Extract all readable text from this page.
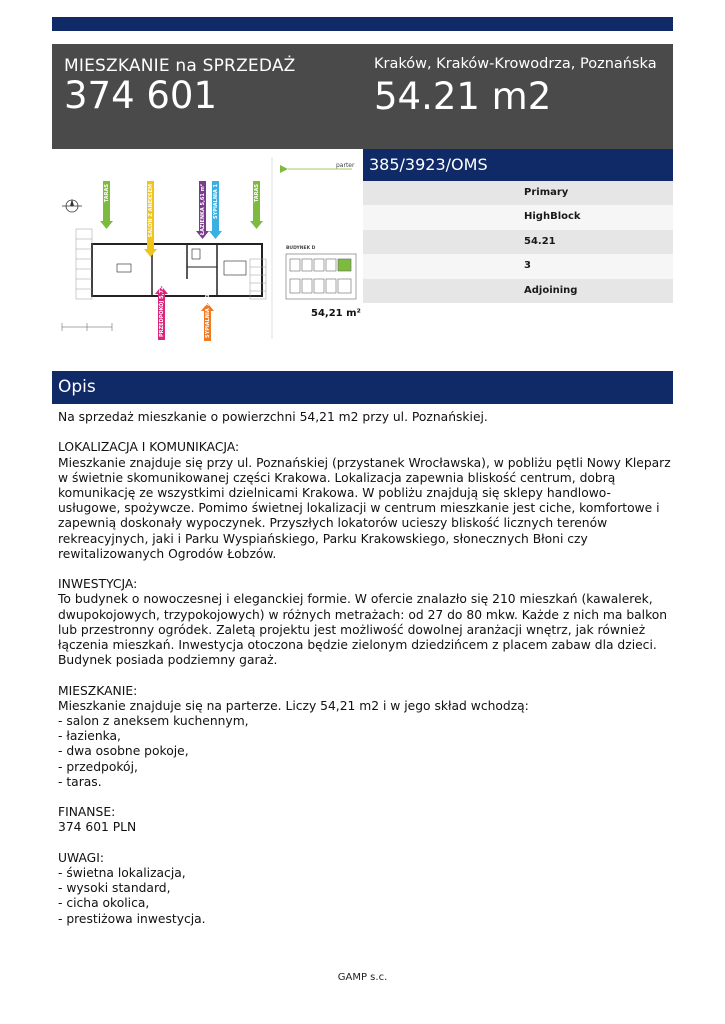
MIESZKANIE na SPRZEDAŻ
374 601
Kraków, Kraków-Krowodrza, Poznańska
54.21 m2
TARAS	SALON Z ANEKSEM	ŁAZIENKA 5,61 m² SYPIALNIA 1	TARAS
PRZEDPOKÓJ 5,72 m²	SYPIALNIA 7,71 m²
parter
BUDYNEK D
54,21 m²
385/3923/OMS
Primary
HighBlock
54.21
3
Adjoining
Opis

Na sprzedaż mieszkanie o powierzchni 54,21 m2 przy ul. Poznańskiej.

LOKALIZACJA I KOMUNIKACJA:

Mieszkanie znajduje się przy ul. Poznańskiej (przystanek Wrocławska), w pobliżu pętli Nowy Kleparz w świetnie skomunikowanej części Krakowa. Lokalizacja zapewnia bliskość centrum, dobrą komunikację ze wszystkimi dzielnicami Krakowa. W pobliżu znajdują się sklepy handlowo-usługowe, spożywcze. Pomimo świetnej lokalizacji w centrum mieszkanie jest ciche, komfortowe i zapewnią doskonały wypoczynek. Przyszłych lokatorów ucieszy bliskość licznych terenów rekreacyjnych, jaki i Parku Wyspiańskiego, Parku Krakowskiego, słonecznych Błoni czy rewitalizowanych Ogrodów Łobzów.

INWESTYCJA:

To budynek o nowoczesnej i eleganckiej formie. W ofercie znalazło się 210 mieszkań (kawalerek, dwupokojowych, trzypokojowych) w różnych metrażach: od 27 do 80 mkw. Każde z nich ma balkon lub przestronny ogródek. Zaletą projektu jest możliwość dowolnej aranżacji wnętrz, jak również łączenia mieszkań. Inwestycja otoczona będzie zielonym dziedzińcem z placem zabaw dla dzieci. Budynek posiada podziemny garaż.

MIESZKANIE:

Mieszkanie znajduje się na parterze. Liczy 54,21 m2 i w jego skład wchodzą:

- salon z aneksem kuchennym,

- łazienka,

- dwa osobne pokoje,

- przedpokój,

- taras.

FINANSE:

374 601 PLN

UWAGI:

- świetna lokalizacja,

- wysoki standard,

- cicha okolica,

- prestiżowa inwestycja.

GAMP s.c.
